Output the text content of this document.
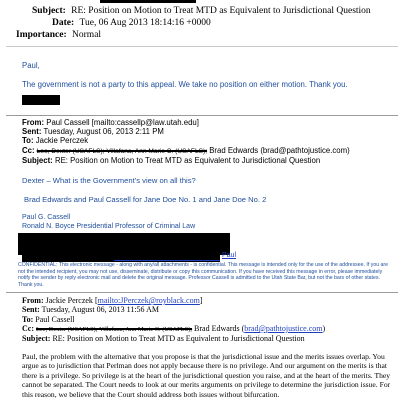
Subject: RE: Position on Motion to Treat MTD as Equivalent to Jurisdictional Question
Date: Tue, 06 Aug 2013 18:14:16 +0000
Importance: Normal
Paul,
The government is not a party to this appeal. We take no position on either motion. Thank you.
From: Paul Cassell [mailto:cassellp@law.utah.edu]
Sent: Tuesday, August 06, 2013 2:11 PM
To: Jackie Perczek
Cc: Lee, Dexter (USAFLS); Villafana, Ann Marie C. (USAFLS); Brad Edwards (brad@pathtojustice.com)
Subject: RE: Position on Motion to Treat MTD as Equivalent to Jurisdictional Question
Dexter – What is the Government’s view on all this?
Brad Edwards and Paul Cassell for Jane Doe No. 1 and Jane Doe No. 2
Paul G. Cassell
Ronald N. Boyce Presidential Professor of Criminal Law
Paul
CONFIDENTIAL: This electronic message - along with any/all attachments - is confidential. This message is intended only for the use of the addressee. If you are not the intended recipient, you may not use, disseminate, distribute or copy this communication. If you have received this message in error, please immediately notify the sender by reply electronic mail and delete the original message. Professor Cassell is admitted to the Utah State Bar, but not the bars of other states. Thank you.
From: Jackie Perczek [mailto:JPerczek@royblack.com]
Sent: Tuesday, August 06, 2013 11:56 AM
To: Paul Cassell
Cc: Lee, Dexter (USAFLS); Villafana, Ann Marie C. (USAFLS); Brad Edwards (brad@pathtojustice.com)
Subject: RE: Position on Motion to Treat MTD as Equivalent to Jurisdictional Question
Paul, the problem with the alternative that you propose is that the jurisdictional issue and the merits issues overlap. You argue as to jurisdiction that Perlman does not apply because there is no privilege. And our argument on the merits is that there is a privilege. So privilege is at the heart of the jurisdictional question you raise, and at the heart of the merits. They cannot be separated. The Court needs to look at our merits arguments on privilege to determine the jurisdiction issue. For this reason, we believe that the Court should address both issues without bifurcation.
